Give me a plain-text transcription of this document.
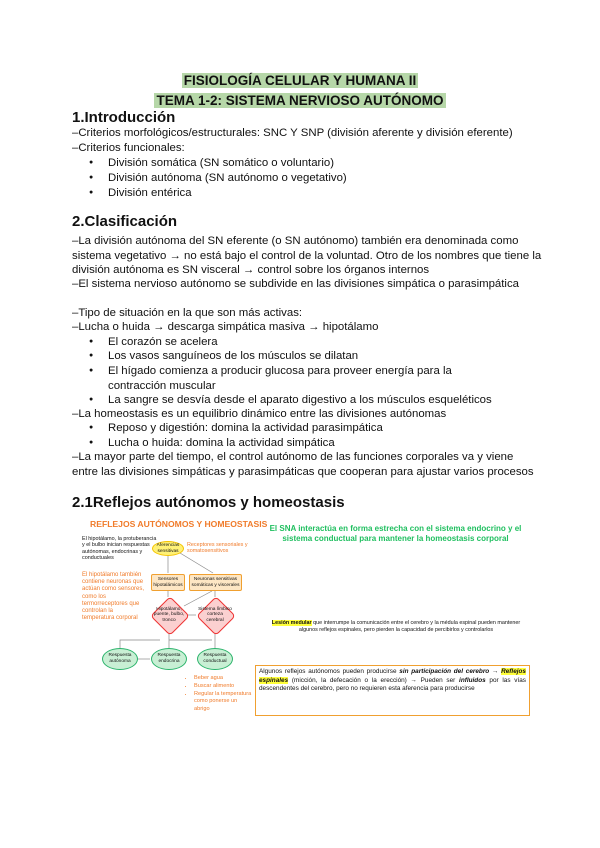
FISIOLOGÍA CELULAR Y HUMANA II
TEMA 1-2: SISTEMA NERVIOSO AUTÓNOMO
1.Introducción
–Criterios morfológicos/estructurales: SNC Y SNP (división aferente y división eferente)
–Criterios funcionales:
● División somática (SN somático o voluntario)
● División autónoma (SN autónomo o vegetativo)
● División entérica
2.Clasificación
–La división autónoma del SN eferente (o SN autónomo) también era denominada como sistema vegetativo → no está bajo el control de la voluntad. Otro de los nombres que tiene la división autónoma es SN visceral → control sobre los órganos internos
–El sistema nervioso autónomo se subdivide en las divisiones simpática o parasimpática
–Tipo de situación en la que son más activas:
–Lucha o huida → descarga simpática masiva → hipotálamo
● El corazón se acelera
● Los vasos sanguíneos de los músculos se dilatan
● El hígado comienza a producir glucosa para proveer energía para la contracción muscular
● La sangre se desvía desde el aparato digestivo a los músculos esqueléticos
–La homeostasis es un equilibrio dinámico entre las divisiones autónomas
● Reposo y digestión: domina la actividad parasimpática
● Lucha o huida: domina la actividad simpática
–La mayor parte del tiempo, el control autónomo de las funciones corporales va y viene entre las divisiones simpáticas y parasimpáticas que cooperan para ajustar varios procesos
2.1Reflejos autónomos y homeostasis
REFLEJOS AUTÓNOMOS Y HOMEOSTASIS
El hipotálamo, la protuberancia y el bulbo inician respuestas autónomas, endocrinas y conductuales
Aferencias sensitivas
Receptores sensoriales y somatosensitivos
Sensores hipotalámicos
Neuronas sensitivas somáticas y viscerales
El hipotálamo también contiene neuronas que actúan como sensores, como los termorreceptores que controlan la temperatura corporal
Hipotálamo, puente, bulbo, tronco
Sistema límbico corteza cerebral
Respuesta autónoma
Respuesta endocrina
Respuesta conductual
• Beber agua
• Buscar alimento
• Regular la temperatura como ponerse un abrigo
El SNA interactúa en forma estrecha con el sistema endocrino y el sistema conductual para mantener la homeostasis corporal
Lesión medular que interrumpe la comunicación entre el cerebro y la médula espinal pueden mantener algunos reflejos espinales, pero pierden la capacidad de percibirlos y controlarlos
Algunos reflejos autónomos pueden producirse sin participación del cerebro → Reflejos espinales (micción, la defecación o la erección) → Pueden ser influidos por las vías descendentes del cerebro, pero no requieren esta aferencia para producirse
